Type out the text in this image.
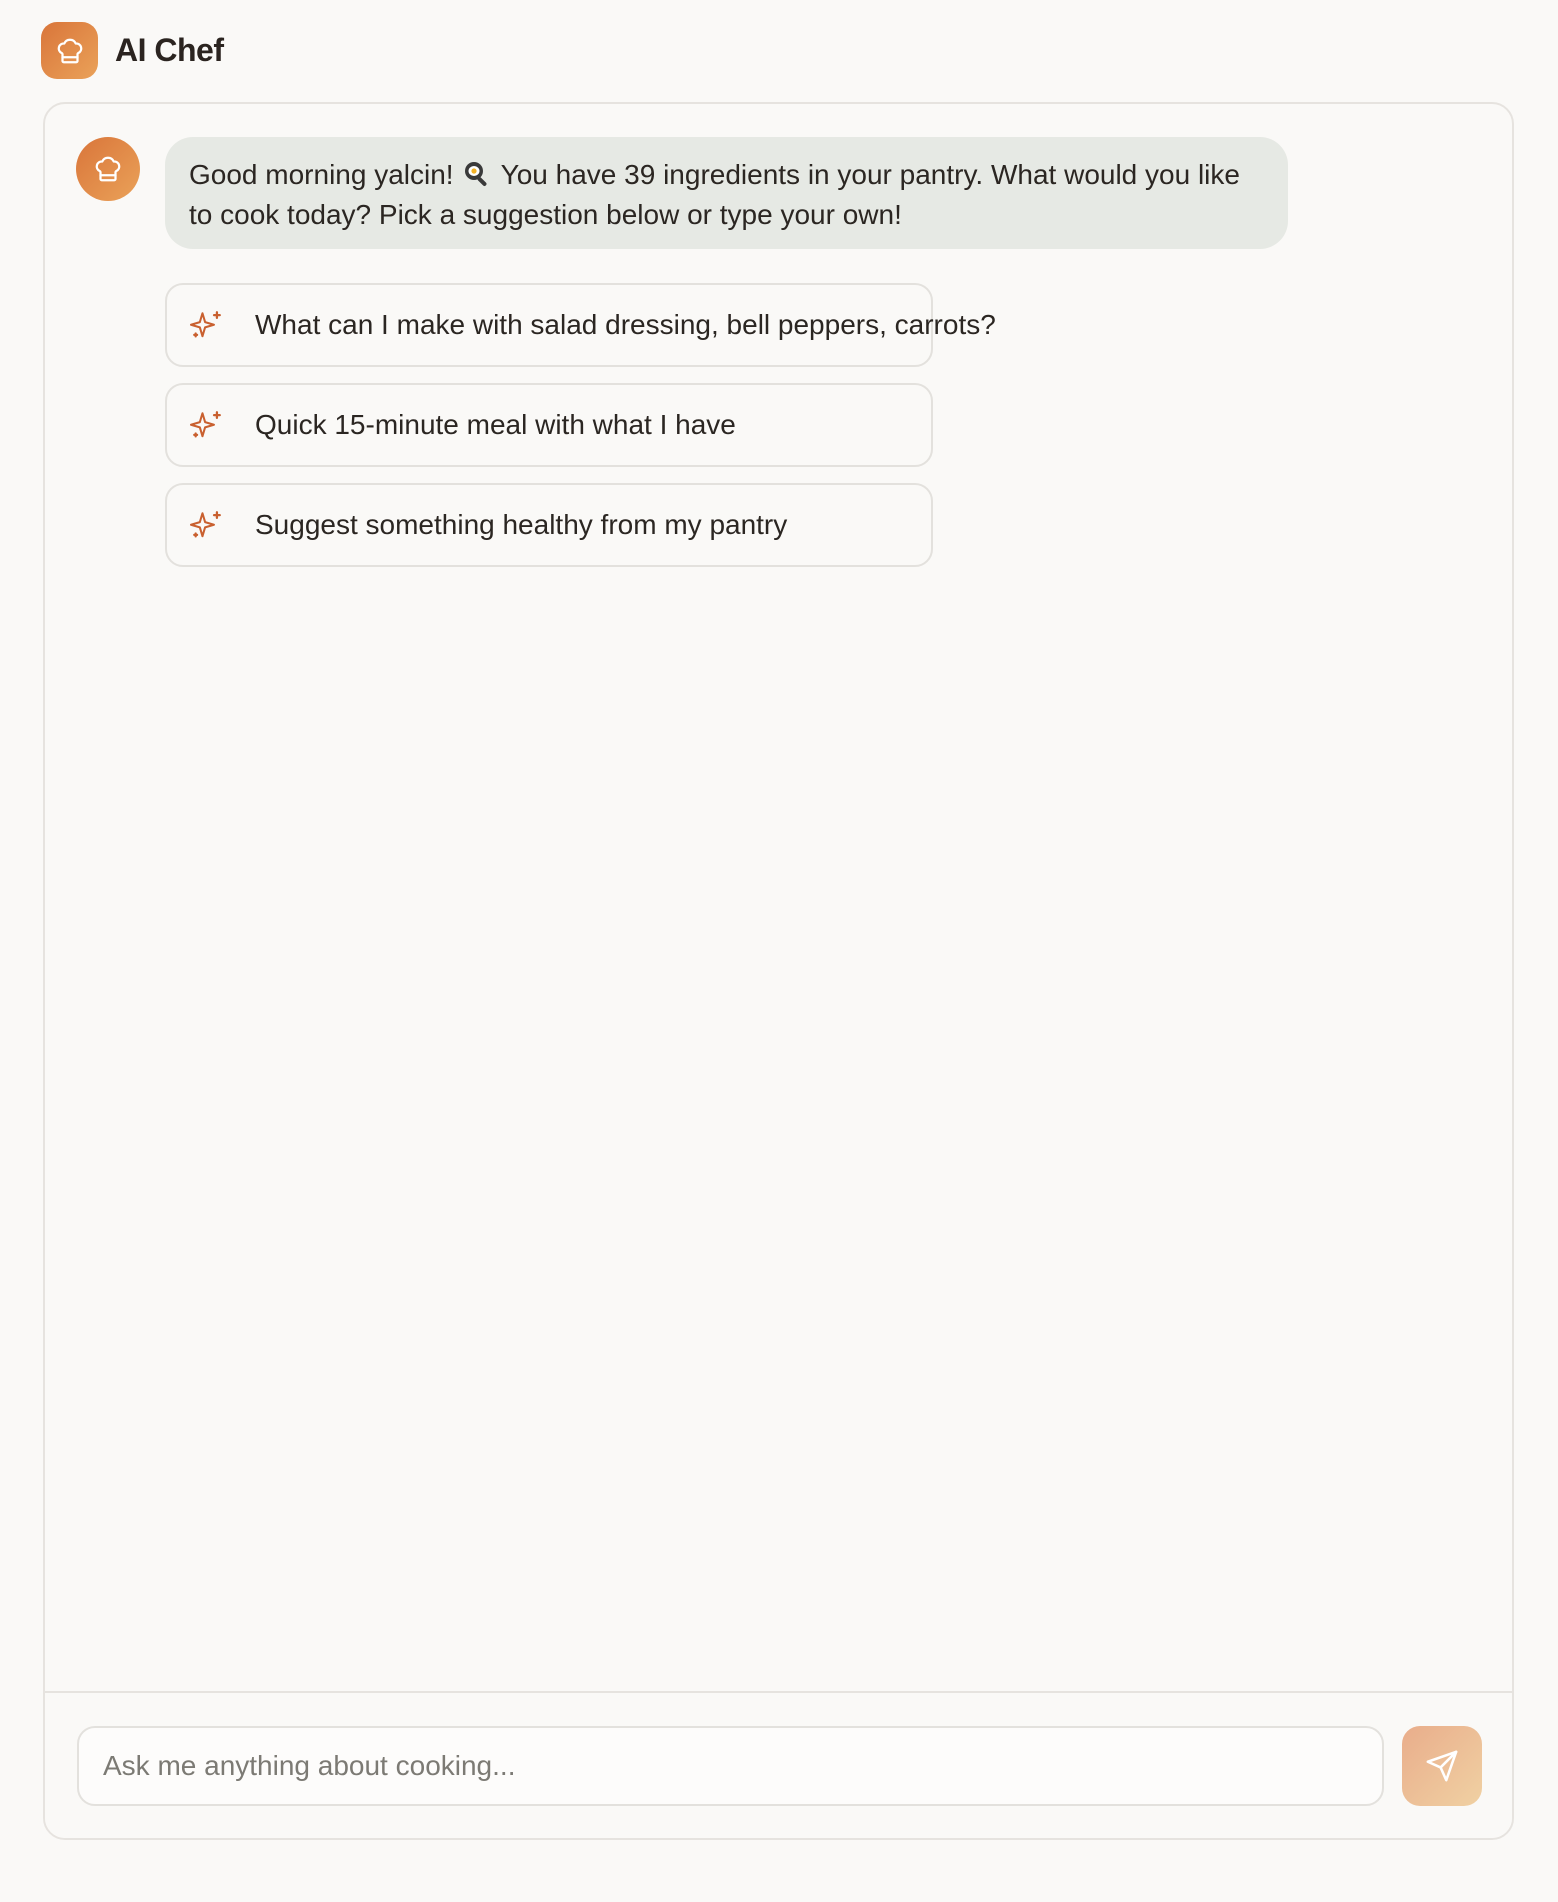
AI Chef
Good morning yalcin!  You have 39 ingredients in your pantry. What would you like to cook today? Pick a suggestion below or type your own!
What can I make with salad dressing, bell peppers, carrots?
Quick 15-minute meal with what I have
Suggest something healthy from my pantry
Ask me anything about cooking...
